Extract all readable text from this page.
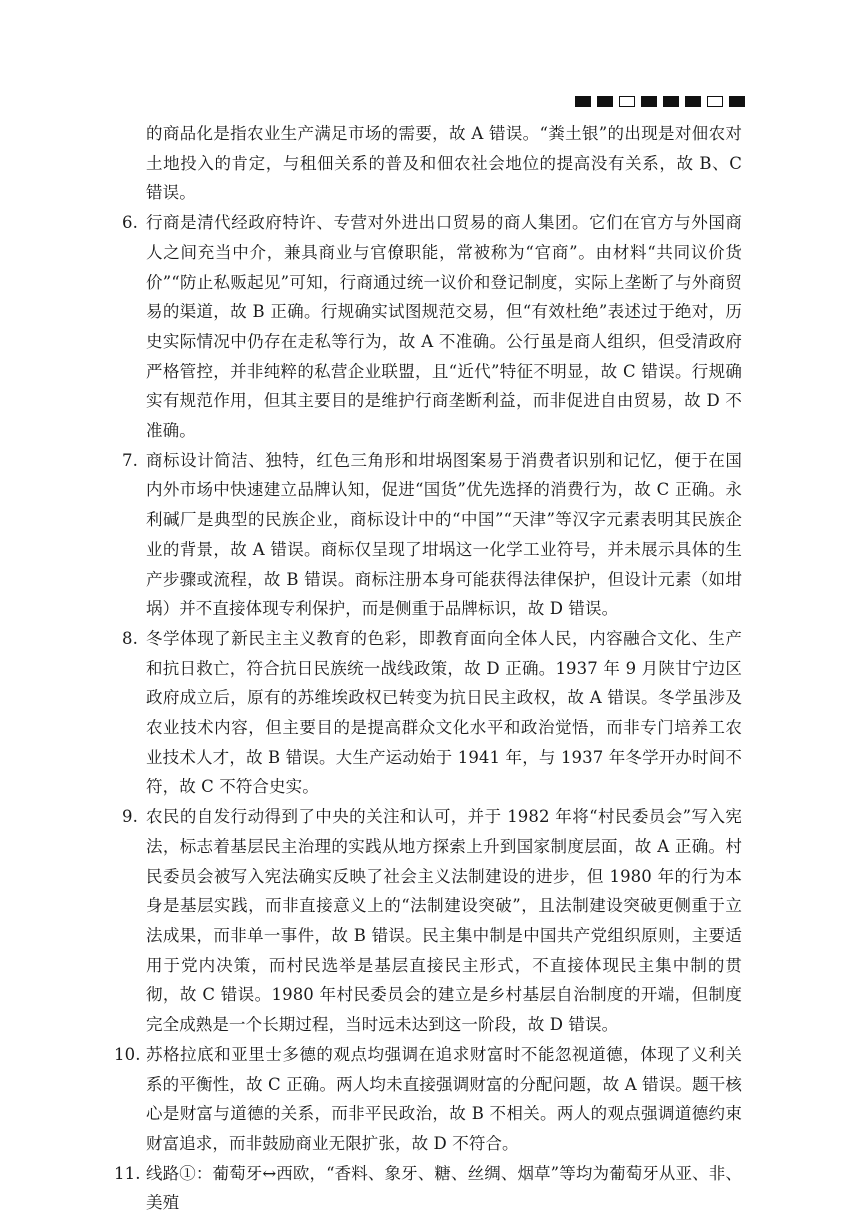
的商品化是指农业生产满足市场的需要，故 A 错误。“粪土银”的出现是对佃农对土地投入的肯定，与租佃关系的普及和佃农社会地位的提高没有关系，故 B、C 错误。

6. 行商是清代经政府特许、专营对外进出口贸易的商人集团。它们在官方与外国商人之间充当中介，兼具商业与官僚职能，常被称为“官商”。由材料“共同议价货价”“防止私贩起见”可知，行商通过统一议价和登记制度，实际上垄断了与外商贸易的渠道，故 B 正确。行规确实试图规范交易，但“有效杜绝”表述过于绝对，历史实际情况中仍存在走私等行为，故 A 不准确。公行虽是商人组织，但受清政府严格管控，并非纯粹的私营企业联盟，且“近代”特征不明显，故 C 错误。行规确实有规范作用，但其主要目的是维护行商垄断利益，而非促进自由贸易，故 D 不准确。

7. 商标设计简洁、独特，红色三角形和坩埚图案易于消费者识别和记忆，便于在国内外市场中快速建立品牌认知，促进“国货”优先选择的消费行为，故 C 正确。永利碱厂是典型的民族企业，商标设计中的“中国”“天津”等汉字元素表明其民族企业的背景，故 A 错误。商标仅呈现了坩埚这一化学工业符号，并未展示具体的生产步骤或流程，故 B 错误。商标注册本身可能获得法律保护，但设计元素（如坩埚）并不直接体现专利保护，而是侧重于品牌标识，故 D 错误。

8. 冬学体现了新民主主义教育的色彩，即教育面向全体人民，内容融合文化、生产和抗日救亡，符合抗日民族统一战线政策，故 D 正确。1937 年 9 月陕甘宁边区政府成立后，原有的苏维埃政权已转变为抗日民主政权，故 A 错误。冬学虽涉及农业技术内容，但主要目的是提高群众文化水平和政治觉悟，而非专门培养工农业技术人才，故 B 错误。大生产运动始于 1941 年，与 1937 年冬学开办时间不符，故 C 不符合史实。

9. 农民的自发行动得到了中央的关注和认可，并于 1982 年将“村民委员会”写入宪法，标志着基层民主治理的实践从地方探索上升到国家制度层面，故 A 正确。村民委员会被写入宪法确实反映了社会主义法制建设的进步，但 1980 年的行为本身是基层实践，而非直接意义上的“法制建设突破”，且法制建设突破更侧重于立法成果，而非单一事件，故 B 错误。民主集中制是中国共产党组织原则，主要适用于党内决策，而村民选举是基层直接民主形式，不直接体现民主集中制的贯彻，故 C 错误。1980 年村民委员会的建立是乡村基层自治制度的开端，但制度完全成熟是一个长期过程，当时远未达到这一阶段，故 D 错误。

10. 苏格拉底和亚里士多德的观点均强调在追求财富时不能忽视道德，体现了义利关系的平衡性，故 C 正确。两人均未直接强调财富的分配问题，故 A 错误。题干核心是财富与道德的关系，而非平民政治，故 B 不相关。两人的观点强调道德约束财富追求，而非鼓励商业无限扩张，故 D 不符合。

11. 线路①：葡萄牙↔西欧，“香料、象牙、糖、丝绸、烟草”等均为葡萄牙从亚、非、美殖
